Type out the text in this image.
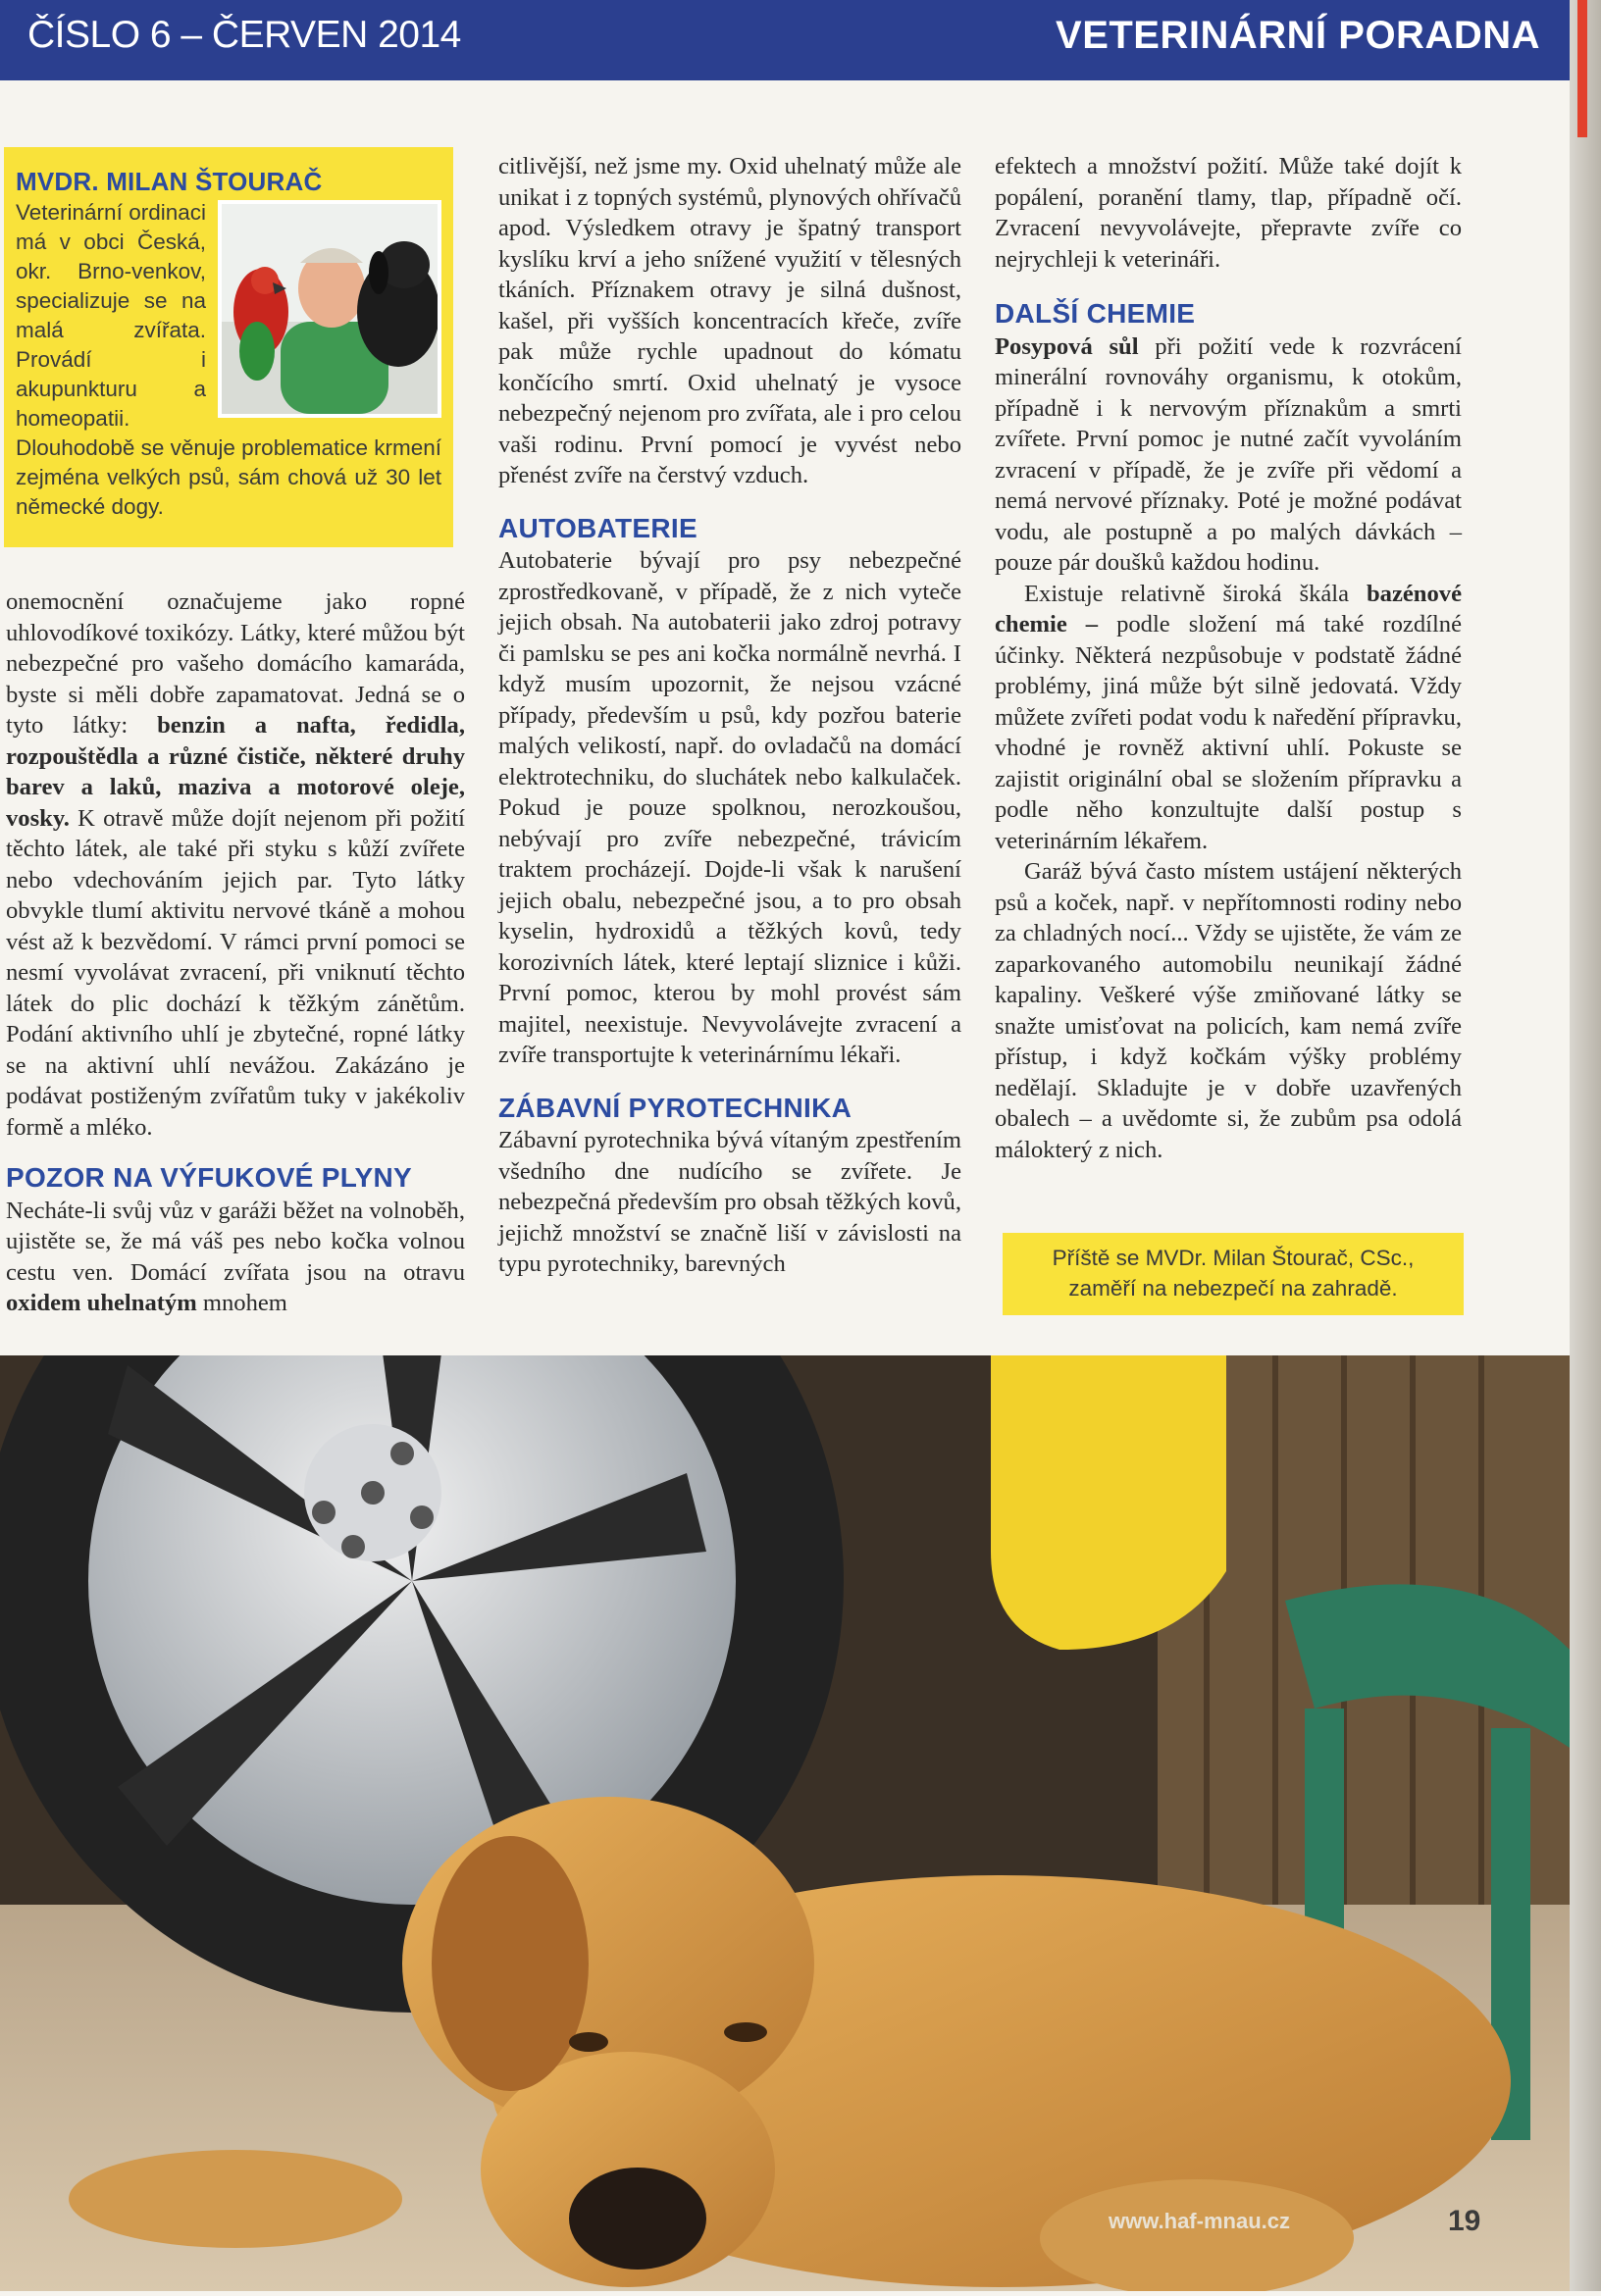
ČÍSLO 6 – ČERVEN 2014	VETERINÁRNÍ PORADNA
MVDR. MILAN ŠTOURAČ
Veterinární ordinaci má v obci Česká, okr. Brno-venkov, specializuje se na malá zvířata. Provádí i akupunkturu a homeopatii. Dlouhodobě se věnuje problematice krmení zejména velkých psů, sám chová už 30 let německé dogy.

onemocnění označujeme jako ropné uhlovodíkové toxikózy. Látky, které můžou být nebezpečné pro vašeho domácího kamaráda, byste si měli dobře zapamatovat. Jedná se o tyto látky: benzin a nafta, ředidla, rozpouštědla a různé čističe, některé druhy barev a laků, maziva a motorové oleje, vosky. K otravě může dojít nejenom při požití těchto látek, ale také při styku s kůží zvířete nebo vdechováním jejich par. Tyto látky obvykle tlumí aktivitu nervové tkáně a mohou vést až k bezvědomí. V rámci první pomoci se nesmí vyvolávat zvracení, při vniknutí těchto látek do plic dochází k těžkým zánětům. Podání aktivního uhlí je zbytečné, ropné látky se na aktivní uhlí nevážou. Zakázáno je podávat postiženým zvířatům tuky v jakékoliv formě a mléko.

POZOR NA VÝFUKOVÉ PLYNY

Necháte-li svůj vůz v garáži běžet na volnoběh, ujistěte se, že má váš pes nebo kočka volnou cestu ven. Domácí zvířata jsou na otravu oxidem uhelnatým mnohem

citlivější, než jsme my. Oxid uhelnatý může ale unikat i z topných systémů, plynových ohřívačů apod. Výsledkem otravy je špatný transport kyslíku krví a jeho snížené využití v tělesných tkáních. Příznakem otravy je silná dušnost, kašel, při vyšších koncentracích křeče, zvíře pak může rychle upadnout do kómatu končícího smrtí. Oxid uhelnatý je vysoce nebezpečný nejenom pro zvířata, ale i pro celou vaši rodinu. První pomocí je vyvést nebo přenést zvíře na čerstvý vzduch.

AUTOBATERIE

Autobaterie bývají pro psy nebezpečné zprostředkovaně, v případě, že z nich vyteče jejich obsah. Na autobaterii jako zdroj potravy či pamlsku se pes ani kočka normálně nevrhá. I když musím upozornit, že nejsou vzácné případy, především u psů, kdy pozřou baterie malých velikostí, např. do ovladačů na domácí elektrotechniku, do sluchátek nebo kalkulaček. Pokud je pouze spolknou, nerozkoušou, nebývají pro zvíře nebezpečné, trávicím traktem procházejí. Dojde-li však k narušení jejich obalu, nebezpečné jsou, a to pro obsah kyselin, hydroxidů a těžkých kovů, tedy korozivních látek, které leptají sliznice i kůži. První pomoc, kterou by mohl provést sám majitel, neexistuje. Nevyvolávejte zvracení a zvíře transportujte k veterinárnímu lékaři.

ZÁBAVNÍ PYROTECHNIKA

Zábavní pyrotechnika bývá vítaným zpestřením všedního dne nudícího se zvířete. Je nebezpečná především pro obsah těžkých kovů, jejichž množství se značně liší v závislosti na typu pyrotechniky, barevných

efektech a množství požití. Může také dojít k popálení, poranění tlamy, tlap, případně očí. Zvracení nevyvolávejte, přepravte zvíře co nejrychleji k veterináři.

DALŠÍ CHEMIE

Posypová sůl při požití vede k rozvrácení minerální rovnováhy organismu, k otokům, případně i k nervovým příznakům a smrti zvířete. První pomoc je nutné začít vyvoláním zvracení v případě, že je zvíře při vědomí a nemá nervové příznaky. Poté je možné podávat vodu, ale postupně a po malých dávkách – pouze pár doušků každou hodinu.

Existuje relativně široká škála bazénové chemie – podle složení má také rozdílné účinky. Některá nezpůsobuje v podstatě žádné problémy, jiná může být silně jedovatá. Vždy můžete zvířeti podat vodu k naředění přípravku, vhodné je rovněž aktivní uhlí. Pokuste se zajistit originální obal se složením přípravku a podle něho konzultujte další postup s veterinárním lékařem.

Garáž bývá často místem ustájení některých psů a koček, např. v nepřítomnosti rodiny nebo za chladných nocí... Vždy se ujistěte, že vám ze zaparkovaného automobilu neunikají žádné kapaliny. Veškeré výše zmiňované látky se snažte umisťovat na policích, kam nemá zvíře přístup, i když kočkám výšky problémy nedělají. Skladujte je v dobře uzavřených obalech – a uvědomte si, že zubům psa odolá málokterý z nich.

Příště se MVDr. Milan Štourač, CSc., zaměří na nebezpečí na zahradě.
www.haf-mnau.cz	19
